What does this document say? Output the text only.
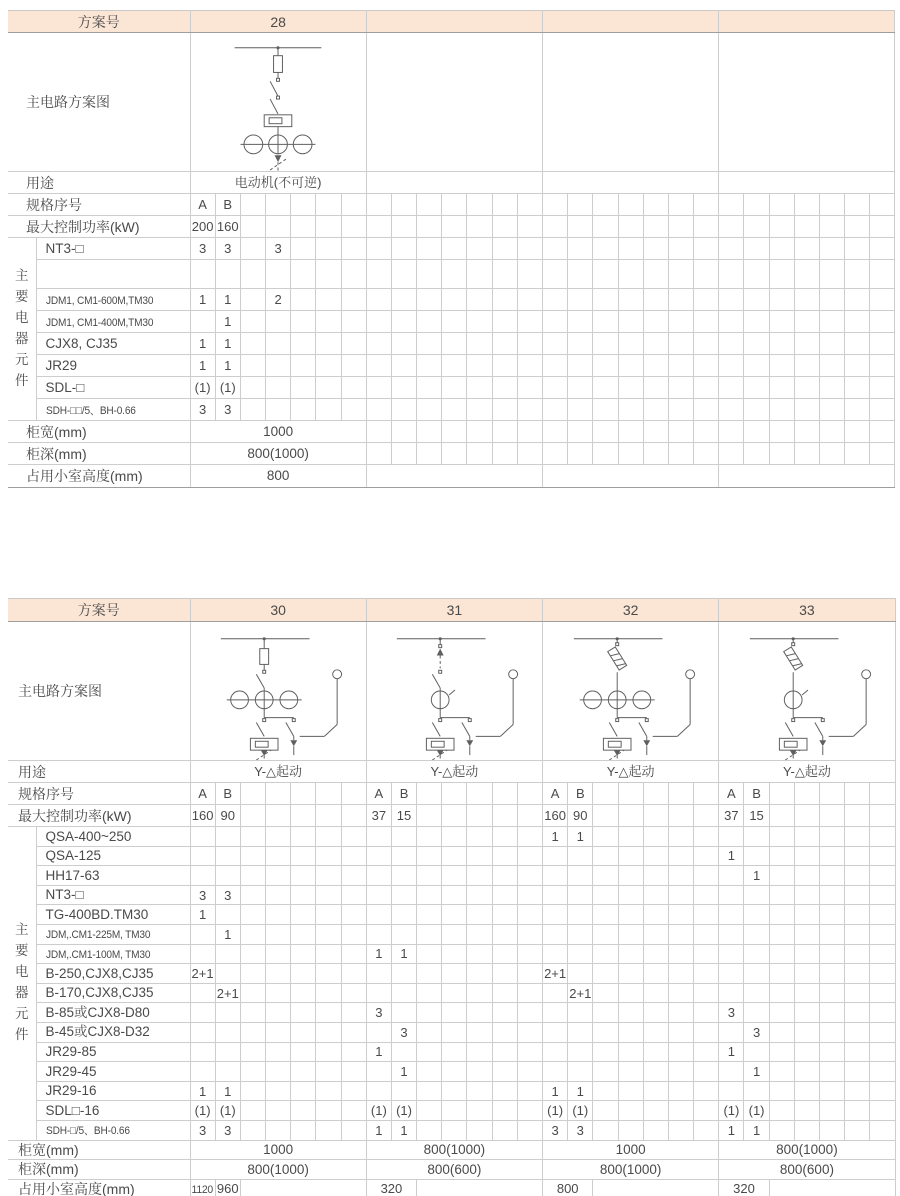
方案号		28																											
主电路方案图	

用途		电动机(不可逆)																											
规格序号		A	B																										
最大控制功率(kW)		200	160																										

主
要
电
器
元
件
	NT3-□	3	3		3																								

	JDM1, CM1-600M,TM30	1	1		2																								
	JDM1, CM1-400M,TM30		1																										
	CJX8, CJ35	1	1																										
	JR29	1	1																										
	SDL-□	(1)	(1)																										
	SDH-□□/5、BH-0.66	3	3																										
柜宽(mm)		1000																											
柜深(mm)		800(1000)																											
占用小室高度(mm)		800																											
方案号		30							31							32							33						
主电路方案图	

用途		Y-△起动							Y-△起动							Y-△起动							Y-△起动						
规格序号		A	B						A	B						A	B						A	B					
最大控制功率(kW)		160	90						37	15						160	90						37	15					

主
要
电
器
元
件
	QSA-400~250															1	1												
	QSA-125																						1						
	HH17-63																							1					
	NT3-□	3	3																										
	TG-400BD.TM30	1																											
	JDM,.CM1-225M, TM30		1																										
	JDM,.CM1-100M, TM30								1	1																			
	B-250,CJX8,CJ35	2+1														2+1													
	B-170,CJX8,CJ35		2+1														2+1												
	B-85或CJX8-D80								3														3						
	B-45或CJX8-D32									3														3					
	JR29-85								1														1						
	JR29-45									1														1					
	JR29-16	1	1													1	1												
	SDL□-16	(1)	(1)						(1)	(1)						(1)	(1)						(1)	(1)					
	SDH-□/5、BH-0.66	3	3						1	1						3	3						1	1					
柜宽(mm)		1000							800(1000)							1000							800(1000)						
柜深(mm)		800(1000)							800(600)							800(1000)							800(600)						
占用小室高度(mm)		1120	960						320							800							320						
